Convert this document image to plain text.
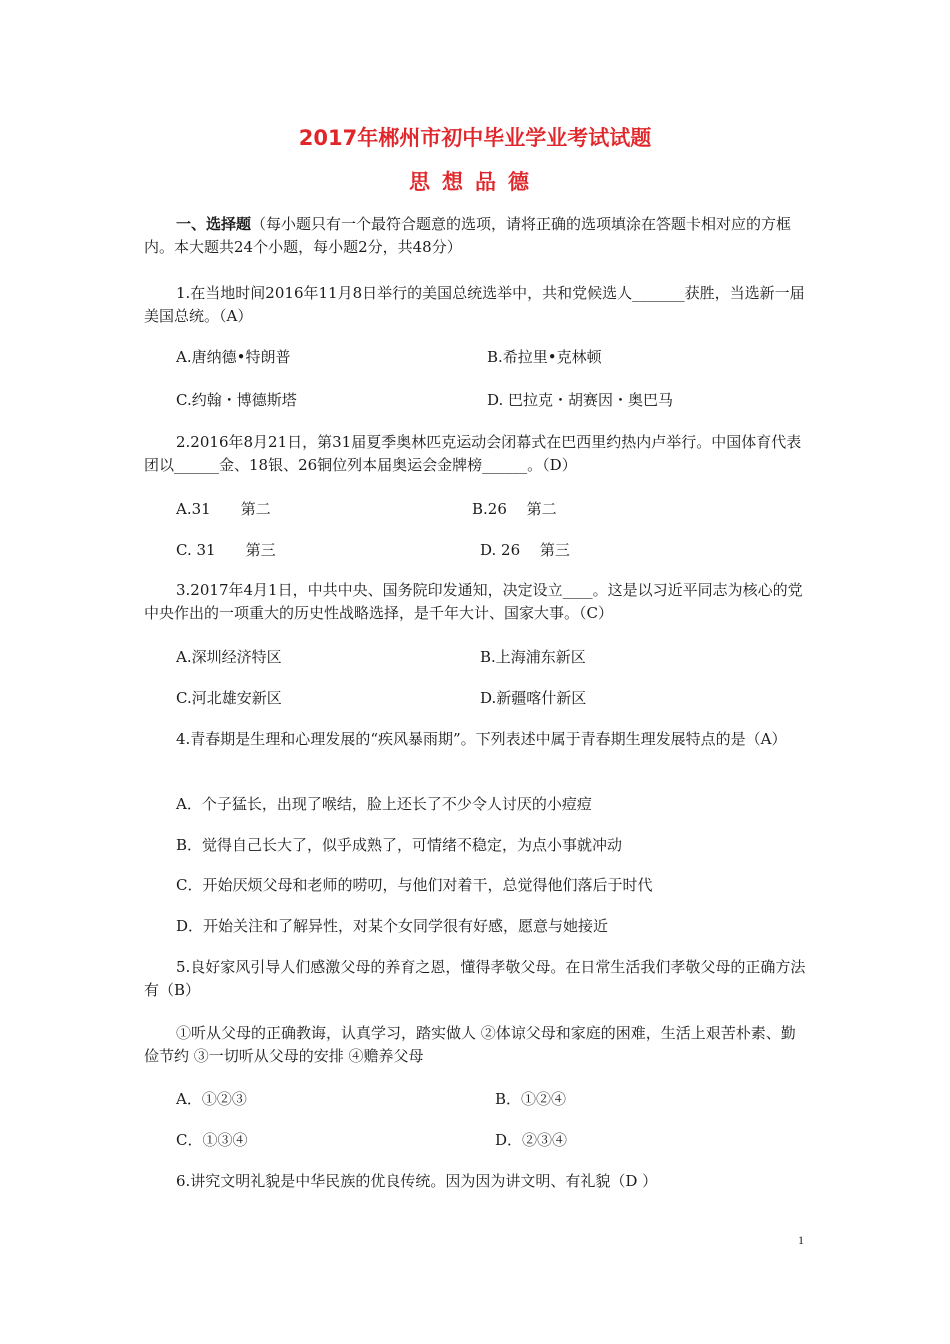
2017年郴州市初中毕业学业考试试题
思想品德
一、选择题（每小题只有一个最符合题意的选项，请将正确的选项填涂在答题卡相对应的方框内。本大题共24个小题，每小题2分，共48分）
1.在当地时间2016年11月8日举行的美国总统选举中，共和党候选人_______获胜，当选新一届美国总统。（A）
A.唐纳德•特朗普	B.希拉里•克林顿
C.约翰・博德斯塔	D. 巴拉克・胡赛因・奥巴马
2.2016年8月21日，第31届夏季奥林匹克运动会闭幕式在巴西里约热内卢举行。中国体育代表团以______金、18银、26铜位列本届奥运会金牌榜______。（D）
A.31　　第二	B.26　 第二
C. 31　　第三	D. 26　 第三
3.2017年4月1日，中共中央、国务院印发通知，决定设立____。这是以习近平同志为核心的党中央作出的一项重大的历史性战略选择，是千年大计、国家大事。（C）
A.深圳经济特区	B.上海浦东新区
C.河北雄安新区	D.新疆喀什新区
4.青春期是生理和心理发展的“疾风暴雨期”。下列表述中属于青春期生理发展特点的是（A）
A．个子猛长，出现了喉结，脸上还长了不少令人讨厌的小痘痘
B．觉得自己长大了，似乎成熟了，可情绪不稳定，为点小事就冲动
C．开始厌烦父母和老师的唠叨，与他们对着干，总觉得他们落后于时代
D．开始关注和了解异性，对某个女同学很有好感，愿意与她接近
5.良好家风引导人们感激父母的养育之恩，懂得孝敬父母。在日常生活我们孝敬父母的正确方法有（B）
①听从父母的正确教诲，认真学习，踏实做人 ②体谅父母和家庭的困难，生活上艰苦朴素、勤俭节约 ③一切听从父母的安排 ④赡养父母
A．①②③	B．①②④
C．①③④	D．②③④
6.讲究文明礼貌是中华民族的优良传统。因为因为讲文明、有礼貌（D ）
1
